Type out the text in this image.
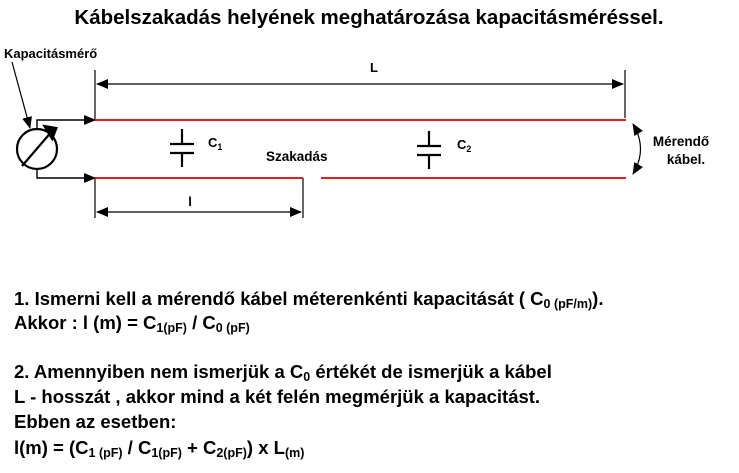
Kábelszakadás helyének meghatározása kapacitásméréssel.
Kapacitásmérő
L
l
$C_1$	$C_2$
Szakadás
Mérendő
kábel.
1. Ismerni kell a mérendő kábel méterenkénti kapacitását ( $C_{0 (pF/m)}$).
Akkor : l $(m) = C_{1(pF)} / C_{0 (pF)}$
2. Amennyiben nem ismerjük a $C_0$ értékét de ismerjük a kábel
L - hosszát , akkor mind a két felén megmérjük a kapacitást.
Ebben az esetben:
$l(m) = (C_{1 (pF)} / C_{1(pF)} + C_{2(pF)})$ x $L_{(m)}$
